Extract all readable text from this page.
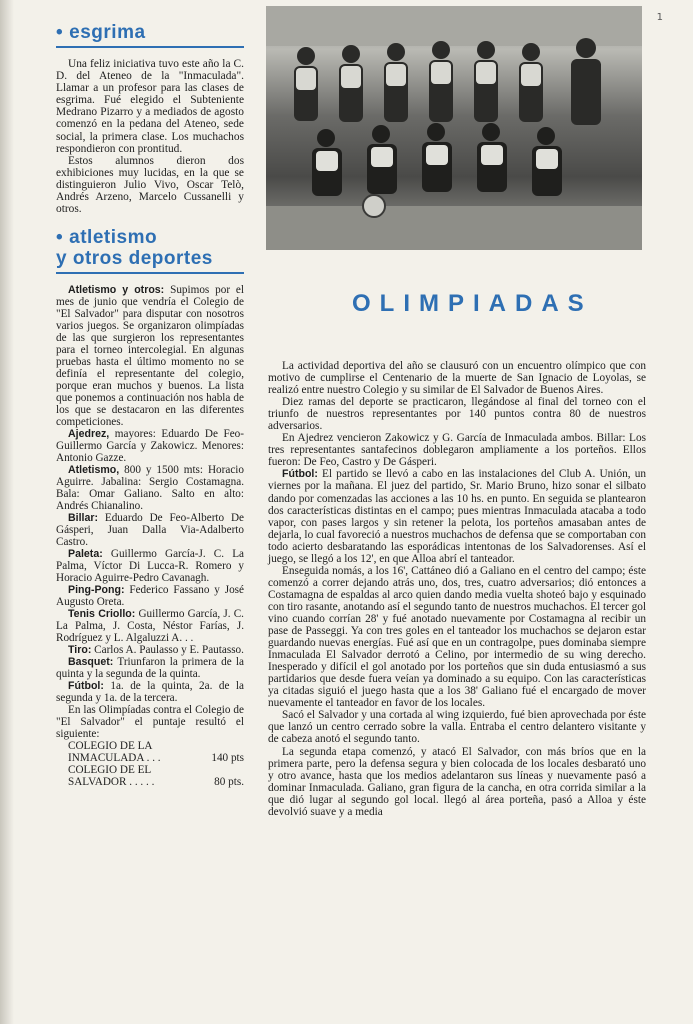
1
• esgrima

Una feliz iniciativa tuvo este año la C. D. del Ateneo de la "Inmaculada". Llamar a un profesor para las clases de esgrima. Fué elegido el Subteniente Medrano Pizarro y a mediados de agosto comenzó en la pedana del Ateneo, sede social, la primera clase. Los muchachos respondieron con prontitud.

Estos alumnos dieron dos exhibiciones muy lucidas, en la que se distinguieron Julio Vivo, Oscar Telò, Andrés Arzeno, Marcelo Cussanelli y otros.

• atletismo
y otros deportes
Atletismo y otros: Supimos por el mes de junio que vendría el Colegio de "El Salvador" para disputar con nosotros varios juegos. Se organizaron olimpíadas de las que surgieron los representantes para el torneo intercolegial. En algunas pruebas hasta el último momento no se definía el representante del colegio, porque eran muchos y buenos. La lista que ponemos a continuación nos habla de los que se destacaron en las diferentes competiciones.
Ajedrez, mayores: Eduardo De Feo-Guillermo García y Zakowicz. Menores: Antonio Gazze.
Atletismo, 800 y 1500 mts: Horacio Aguirre. Jabalina: Sergio Costamagna. Bala: Omar Galiano. Salto en alto: Andrés Chianalino.
Billar: Eduardo De Feo-Alberto De Gásperi, Juan Dalla Via-Adalberto Castro.
Paleta: Guillermo García-J. C. La Palma, Víctor Di Lucca-R. Romero y Horacio Aguirre-Pedro Cavanagh.
Ping-Pong: Federico Fassano y José Augusto Oreta.
Tenis Criollo: Guillermo García, J. C. La Palma, J. Costa, Néstor Farías, J. Rodríguez y L. Algaluzzi A. . .
Tiro: Carlos A. Paulasso y E. Pautasso.
Basquet: Triunfaron la primera de la quinta y la segunda de la quinta.
Fútbol: 1a. de la quinta, 2a. de la segunda y 1a. de la tercera.
En las Olimpíadas contra el Colegio de "El Salvador" el puntaje resultó el siguiente:
COLEGIO DE LA
INMACULADA . . .	140 pts
COLEGIO DE EL
SALVADOR . . . . .	80 pts.
OLIMPIADAS

La actividad deportiva del año se clausuró con un encuentro olímpico que con motivo de cumplirse el Centenario de la muerte de San Ignacio de Loyolas, se realizó entre nuestro Colegio y su similar de El Salvador de Buenos Aires.

Diez ramas del deporte se practicaron, llegándose al final del torneo con el triunfo de nuestros representantes por 140 puntos contra 80 de nuestros adversarios.

En Ajedrez vencieron Zakowicz y G. García de Inmaculada ambos. Billar: Los tres representantes santafecinos doblegaron ampliamente a los porteños. Ellos fueron: De Feo, Castro y De Gásperi.

Fútbol: El partido se llevó a cabo en las instalaciones del Club A. Unión, un viernes por la mañana. El juez del partido, Sr. Mario Bruno, hizo sonar el silbato dando por comenzadas las acciones a las 10 hs. en punto. En seguida se plantearon dos características distintas en el campo; pues mientras Inmaculada atacaba a todo vapor, con pases largos y sin retener la pelota, los porteños amasaban antes de dejarla, lo cual favoreció a nuestros muchachos de defensa que se comportaban con todo acierto desbaratando las esporádicas intentonas de los Salvadorenses. Así el juego, se llegó a los 12', en que Alloa abrí el tanteador.

Enseguida nomás, a los 16', Cattáneo dió a Galiano en el centro del campo; éste comenzó a correr dejando atrás uno, dos, tres, cuatro adversarios; dió entonces a Costamagna de espaldas al arco quien dando media vuelta shoteó bajo y esquinado con tiro rasante, anotando así el segundo tanto de nuestros muchachos. El tercer gol vino cuando corrían 28' y fué anotado nuevamente por Costamagna al recibir un pase de Passeggi. Ya con tres goles en el tanteador los muchachos se dejaron estar guardando nuevas energías. Fué así que en un contragolpe, pues dominaba siempre Inmaculada El Salvador derrotó a Celino, por intermedio de su wing derecho. Inesperado y difícil el gol anotado por los porteños que sin duda entusiasmó a sus partidarios que desde fuera veían ya dominado a su equipo. Con las características ya citadas siguió el juego hasta que a los 38' Galiano fué el encargado de mover nuevamente el tanteador en favor de los locales.

Sacó el Salvador y una cortada al wing izquierdo, fué bien aprovechada por éste que lanzó un centro cerrado sobre la valla. Entraba el centro delantero visitante y de cabeza anotó el segundo tanto.

La segunda etapa comenzó, y atacó El Salvador, con más bríos que en la primera parte, pero la defensa segura y bien colocada de los locales desbarató uno y otro avance, hasta que los medios adelantaron sus líneas y nuevamente pasó a dominar Inmaculada. Galiano, gran figura de la cancha, en otra corrida similar a la que dió lugar al segundo gol local. llegó al área porteña, pasó a Alloa y éste devolvió suave y a media
